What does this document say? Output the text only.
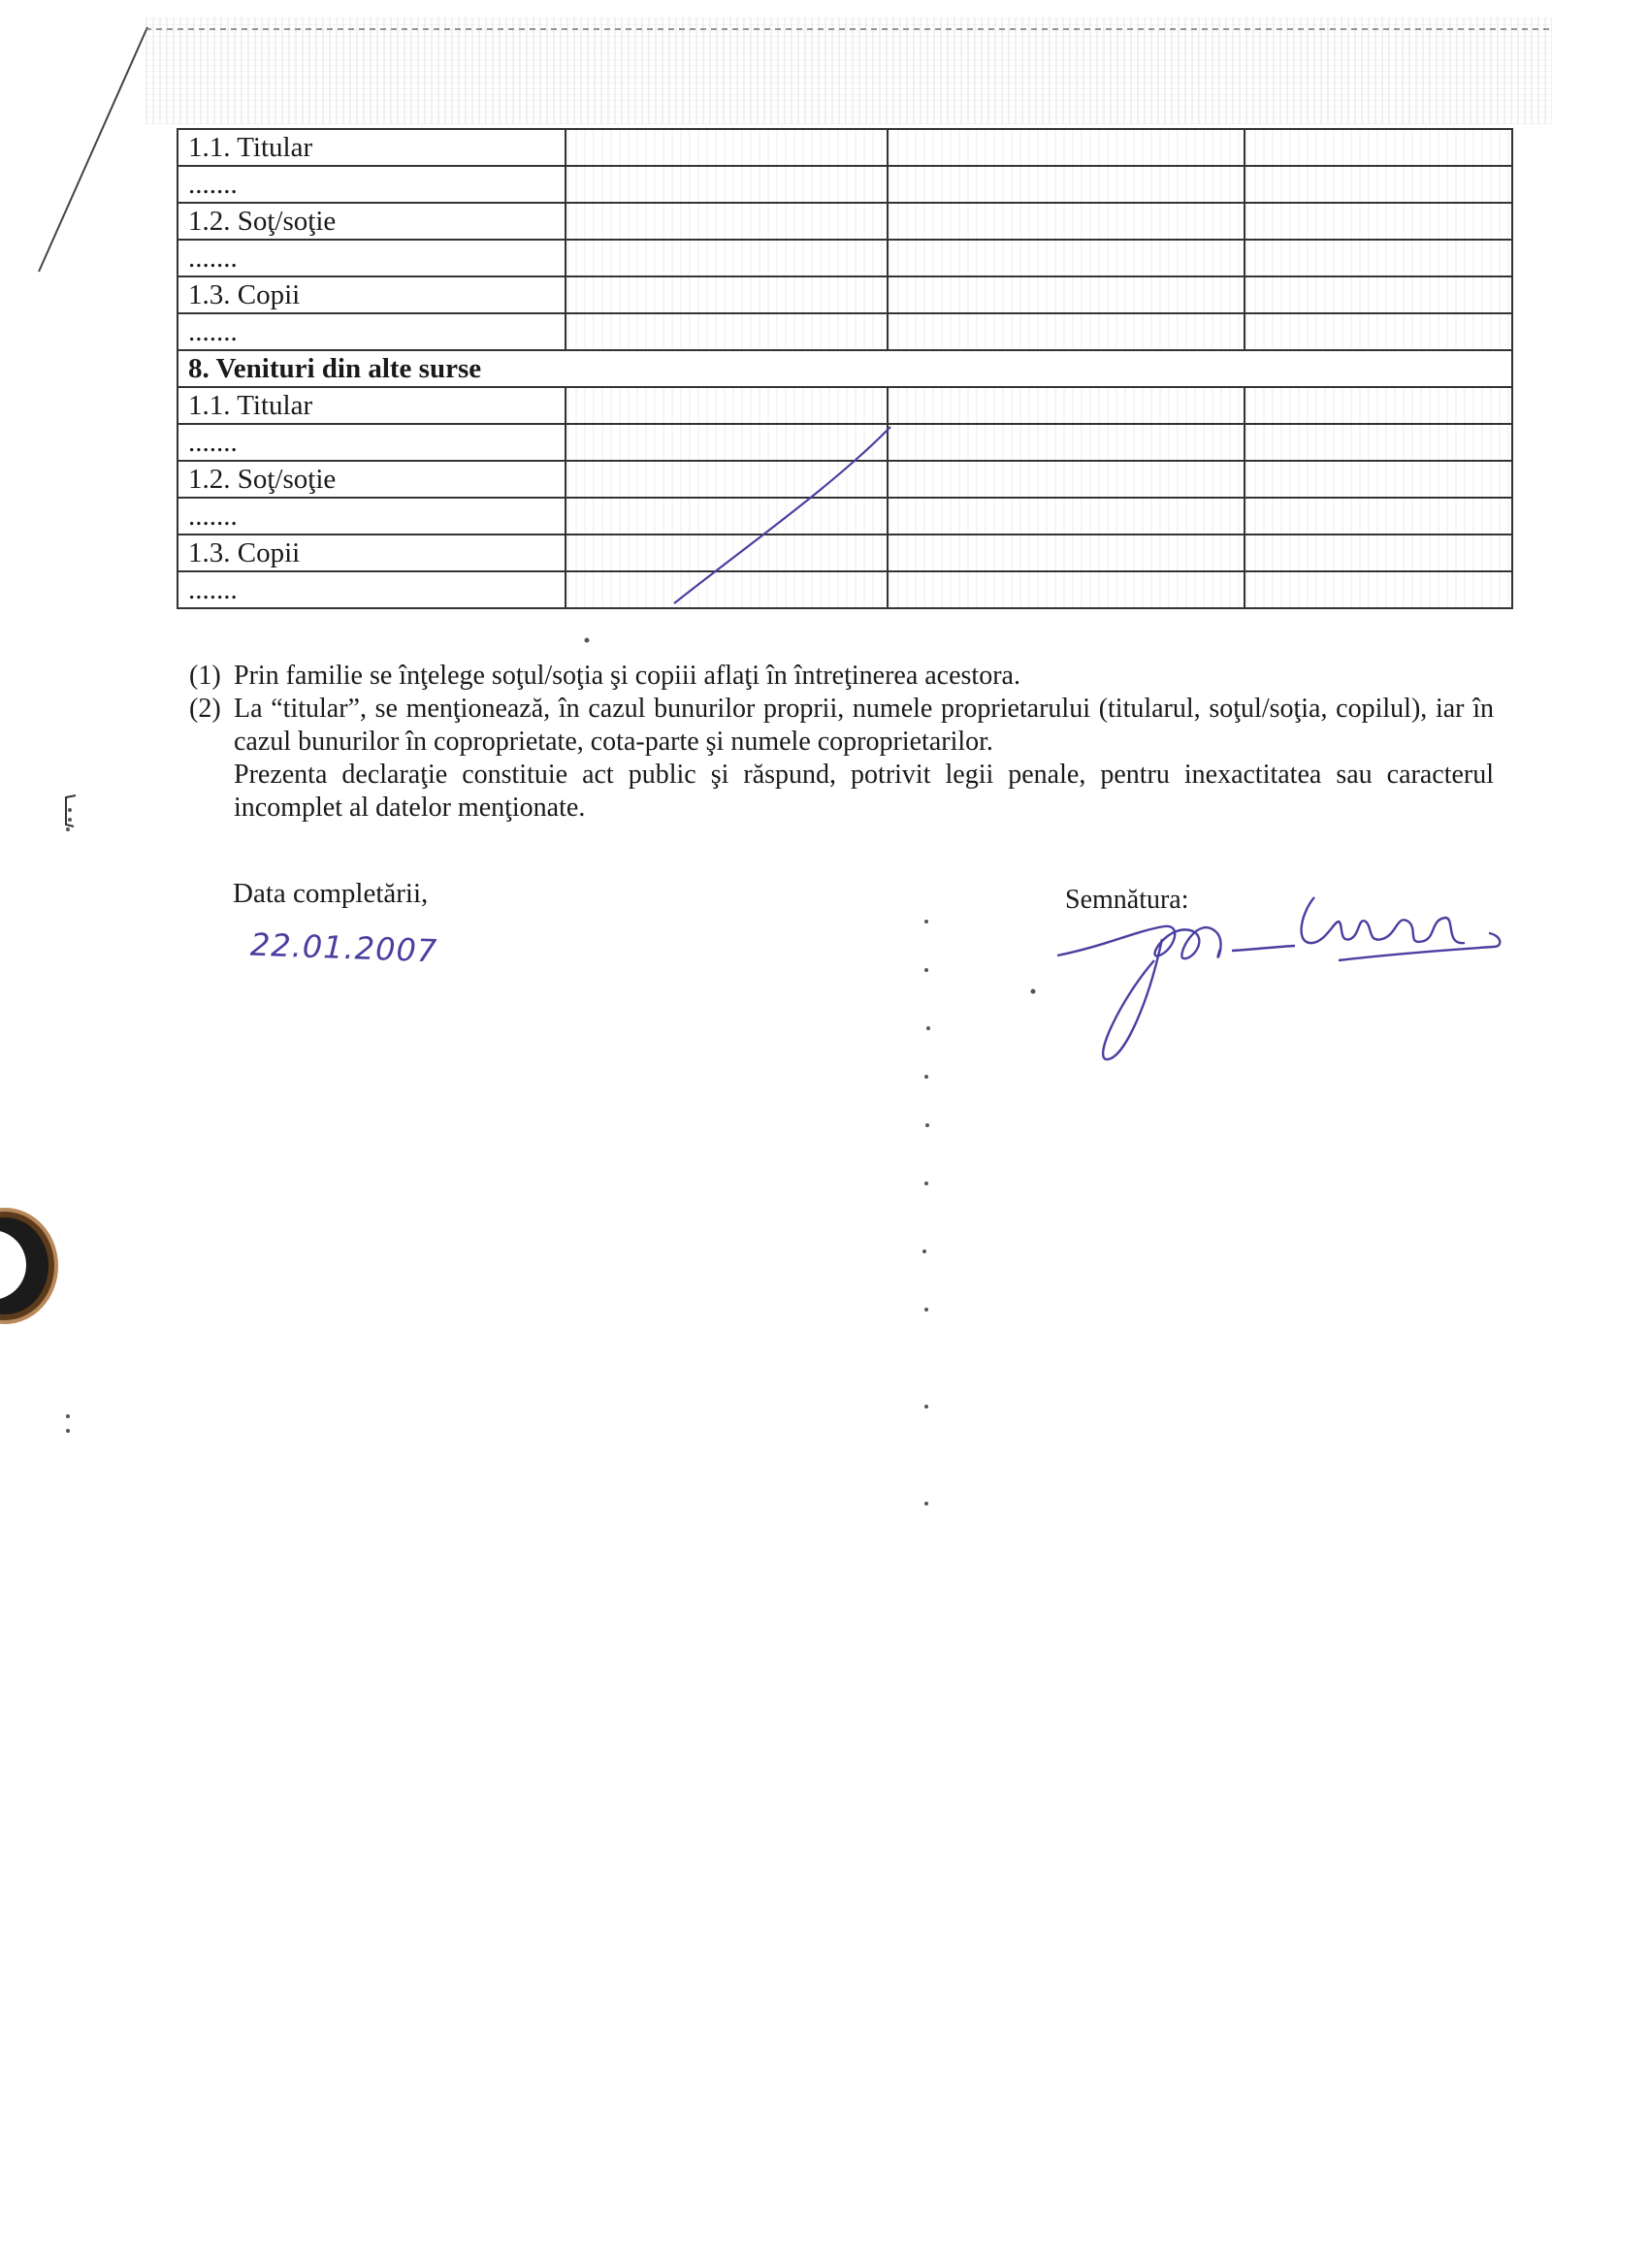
1.1. Titular			
.......			
1.2. Soţ/soţie			
.......			
1.3. Copii			
.......			
8. Venituri din alte surse			
1.1. Titular			
.......			
1.2. Soţ/soţie			
.......			
1.3. Copii			
.......			
(1) Prin familie se înţelege soţul/soţia şi copiii aflaţi în întreţinerea acestora.
(2) La “titular”, se menţionează, în cazul bunurilor proprii, numele proprietarului (titularul, soţul/soţia, copilul), iar în cazul bunurilor în coproprietate, cota-parte şi numele coproprietarilor.
Prezenta declaraţie constituie act public şi răspund, potrivit legii penale, pentru inexactitatea sau caracterul incomplet al datelor menţionate.
Data completării,
22.01.2007
Semnătura:
